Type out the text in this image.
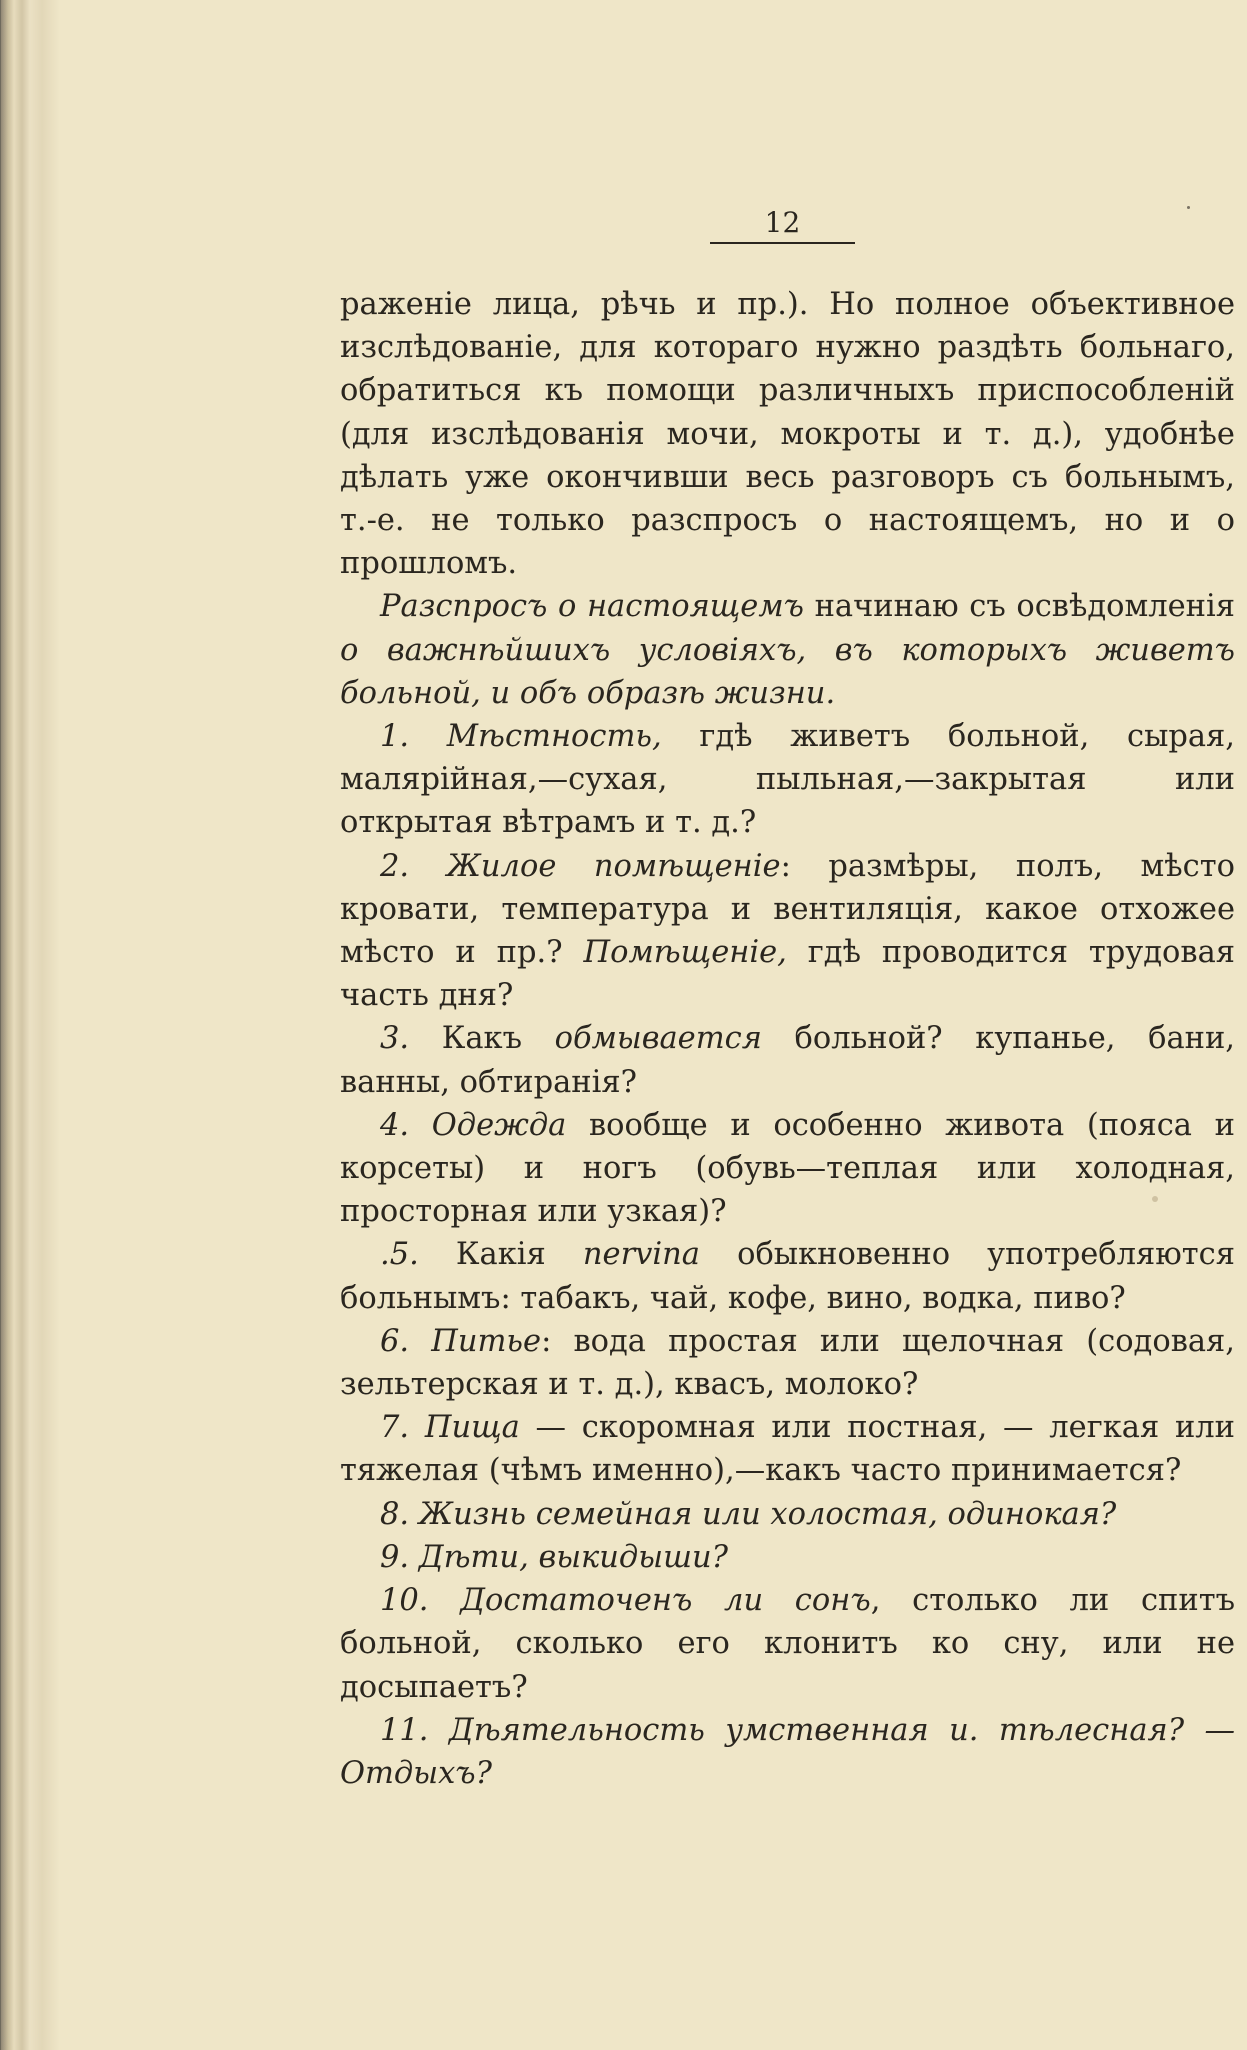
12

раженіе лица, рѣчь и пр.). Но полное объективное изслѣдованіе, для котораго нужно раздѣть больнаго, обратиться къ помощи различныхъ приспособленій (для изслѣдованія мочи, мокроты и т. д.), удобнѣе дѣлать уже окончивши весь разговоръ съ больнымъ, т.-е. не только разспросъ о настоящемъ, но и о прошломъ.

Разспросъ о настоящемъ начинаю съ освѣдомленія о важнѣйшихъ условіяхъ, въ которыхъ живетъ больной, и объ образѣ жизни.

1. Мѣстность, гдѣ живетъ больной, сырая, малярійная,—сухая, пыльная,—закрытая или открытая вѣтрамъ и т. д.?

2. Жилое помѣщеніе: размѣры, полъ, мѣсто кровати, температура и вентиляція, какое отхожее мѣсто и пр.? Помѣщеніе, гдѣ проводится трудовая часть дня?

3. Какъ обмывается больной? купанье, бани, ванны, обтиранія?

4. Одежда вообще и особенно живота (пояса и корсеты) и ногъ (обувь—теплая или холодная, просторная или узкая)?

.5. Какія nervina обыкновенно употребляются больнымъ: табакъ, чай, кофе, вино, водка, пиво?

6. Питье: вода простая или щелочная (содовая, зельтерская и т. д.), квасъ, молоко?

7. Пища — скоромная или постная, — легкая или тяжелая (чѣмъ именно),—какъ часто принимается?

8. Жизнь семейная или холостая, одинокая?

9. Дѣти, выкидыши?

10. Достаточенъ ли сонъ, столько ли спитъ больной, сколько его клонитъ ко сну, или не досыпаетъ?

11. Дѣятельность умственная и. тѣлесная? — Отдыхъ?
